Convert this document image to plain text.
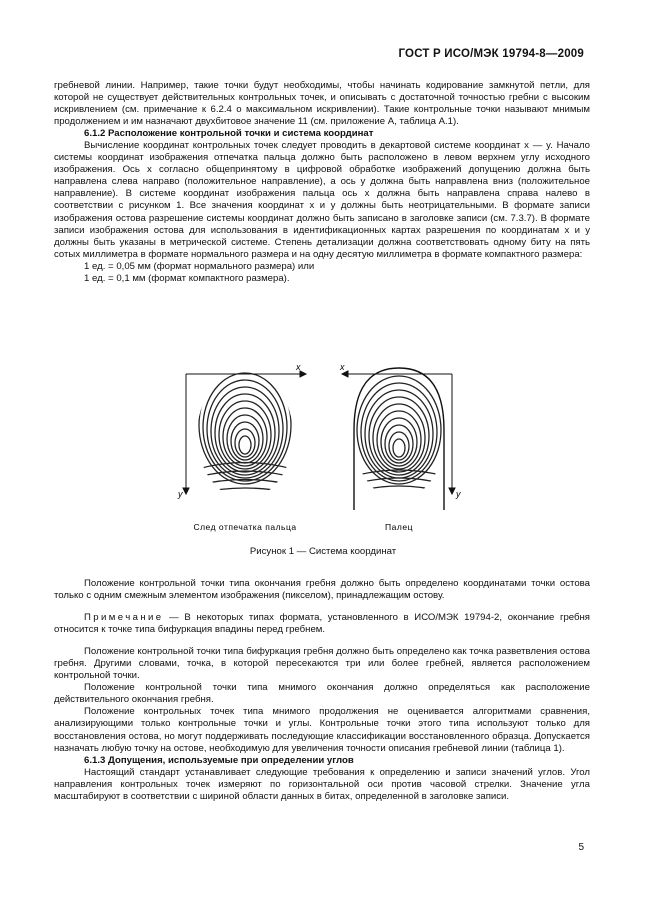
ГОСТ Р ИСО/МЭК 19794-8—2009

гребневой линии. Например, такие точки будут необходимы, чтобы начинать кодирование замкнутой петли, для которой не существует действительных контрольных точек, и описывать с достаточной точностью гребни с высоким искривлением (см. примечание к 6.2.4 о максимальном искривлении). Такие контрольные точки называют мнимым продолжением и им назначают двухбитовое значение 11 (см. приложение А, таблица А.1).

6.1.2 Расположение контрольной точки и система координат

Вычисление координат контрольных точек следует проводить в декартовой системе координат x — y. Начало системы координат изображения отпечатка пальца должно быть расположено в левом верхнем углу исходного изображения. Ось x согласно общепринятому в цифровой обработке изображений допущению должна быть направлена слева направо (положительное направление), а ось y должна быть направлена вниз (положительное направление). В системе координат изображения пальца ось x должна быть направлена справа налево в соответствии с рисунком 1. Все значения координат x и y должны быть неотрицательными. В формате записи изображения остова разрешение системы координат должно быть записано в заголовке записи (см. 7.3.7). В формате записи изображения остова для использования в идентификационных картах разрешения по координатам x и y должны быть указаны в метрической системе. Степень детализации должна соответствовать одному биту на пять сотых миллиметра в формате нормального размера и на одну десятую миллиметра в формате компактного размера:

1 ед. = 0,05 мм (формат нормального размера) или

1 ед. = 0,1 мм (формат компактного размера).

x
y
x
y
След отпечатка пальца	Палец
Рисунок 1 — Система координат

Положение контрольной точки типа окончания гребня должно быть определено координатами точки остова только с одним смежным элементом изображения (пикселом), принадлежащим остову.

Примечание — В некоторых типах формата, установленного в ИСО/МЭК 19794-2, окончание гребня относится к точке типа бифуркация впадины перед гребнем.

Положение контрольной точки типа бифуркация гребня должно быть определено как точка разветвления остова гребня. Другими словами, точка, в которой пересекаются три или более гребней, является расположением контрольной точки.

Положение контрольной точки типа мнимого окончания должно определяться как расположение действительного окончания гребня.

Положение контрольных точек типа мнимого продолжения не оценивается алгоритмами сравнения, анализирующими только контрольные точки и углы. Контрольные точки этого типа используют только для восстановления остова, но могут поддерживать последующие классификации восстановленного образца. Допускается назначать любую точку на остове, необходимую для увеличения точности описания гребневой линии (таблица 1).

6.1.3 Допущения, используемые при определении углов

Настоящий стандарт устанавливает следующие требования к определению и записи значений углов. Угол направления контрольных точек измеряют по горизонтальной оси против часовой стрелки. Значение угла масштабируют в соответствии с шириной области данных в битах, определенной в заголовке записи.

5
